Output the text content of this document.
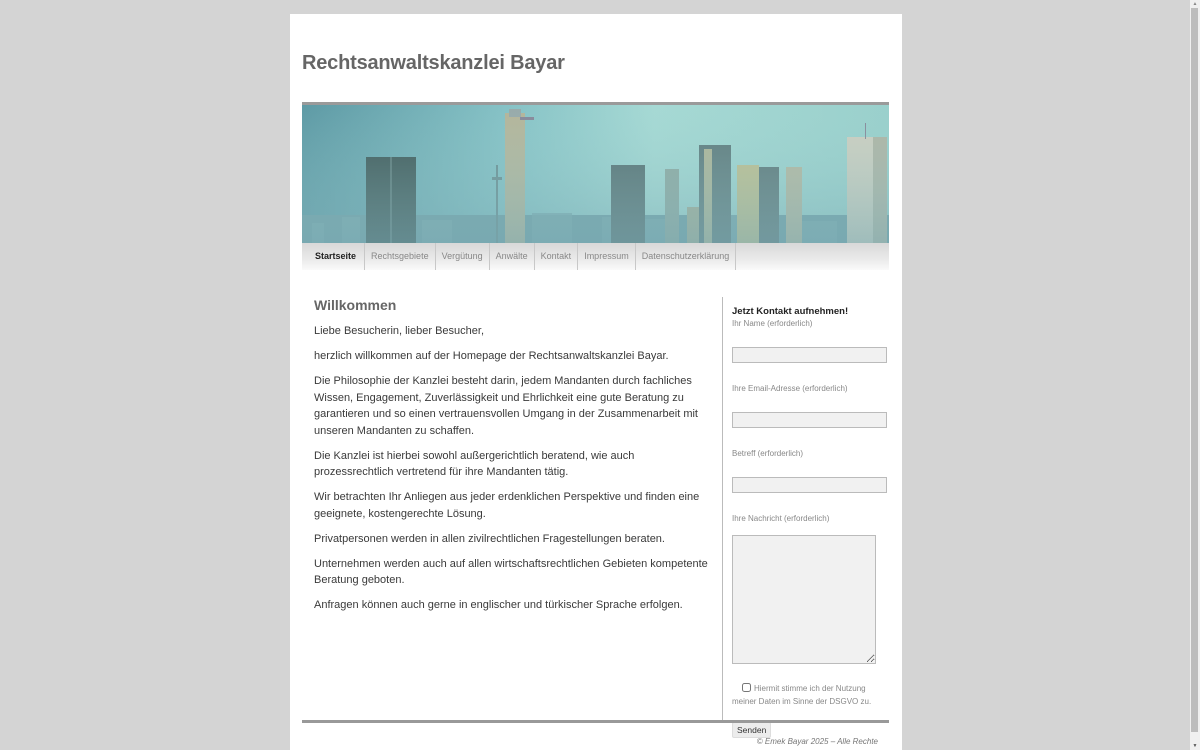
Rechtsanwaltskanzlei Bayar
Startseite	Rechtsgebiete	Vergütung	Anwälte	Kontakt	Impressum	Datenschutzerklärung
Willkommen

Liebe Besucherin, lieber Besucher,

herzlich willkommen auf der Homepage der Rechtsanwaltskanzlei Bayar.

Die Philosophie der Kanzlei besteht darin, jedem Mandanten durch fachliches Wissen, Engagement, Zuverlässigkeit und Ehrlichkeit eine gute Beratung zu garantieren und so einen vertrauensvollen Umgang in der Zusammenarbeit mit unseren Mandanten zu schaffen.

Die Kanzlei ist hierbei sowohl außergerichtlich beratend, wie auch prozessrechtlich vertretend für ihre Mandanten tätig.

Wir betrachten Ihr Anliegen aus jeder erdenklichen Perspektive und finden eine geeignete, kostengerechte Lösung.

Privatpersonen werden in allen zivilrechtlichen Fragestellungen beraten.

Unternehmen werden auch auf allen wirtschaftsrechtlichen Gebieten kompetente Beratung geboten.

Anfragen können auch gerne in englischer und türkischer Sprache erfolgen.

Jetzt Kontakt aufnehmen!
Ihr Name (erforderlich)
Ihre Email-Adresse (erforderlich)
Betreff (erforderlich)
Ihre Nachricht (erforderlich)
Hiermit stimme ich der Nutzung meiner Daten im Sinne der DSGVO zu.
Senden
© Emek Bayar 2025 – Alle Rechte
▲
▼
